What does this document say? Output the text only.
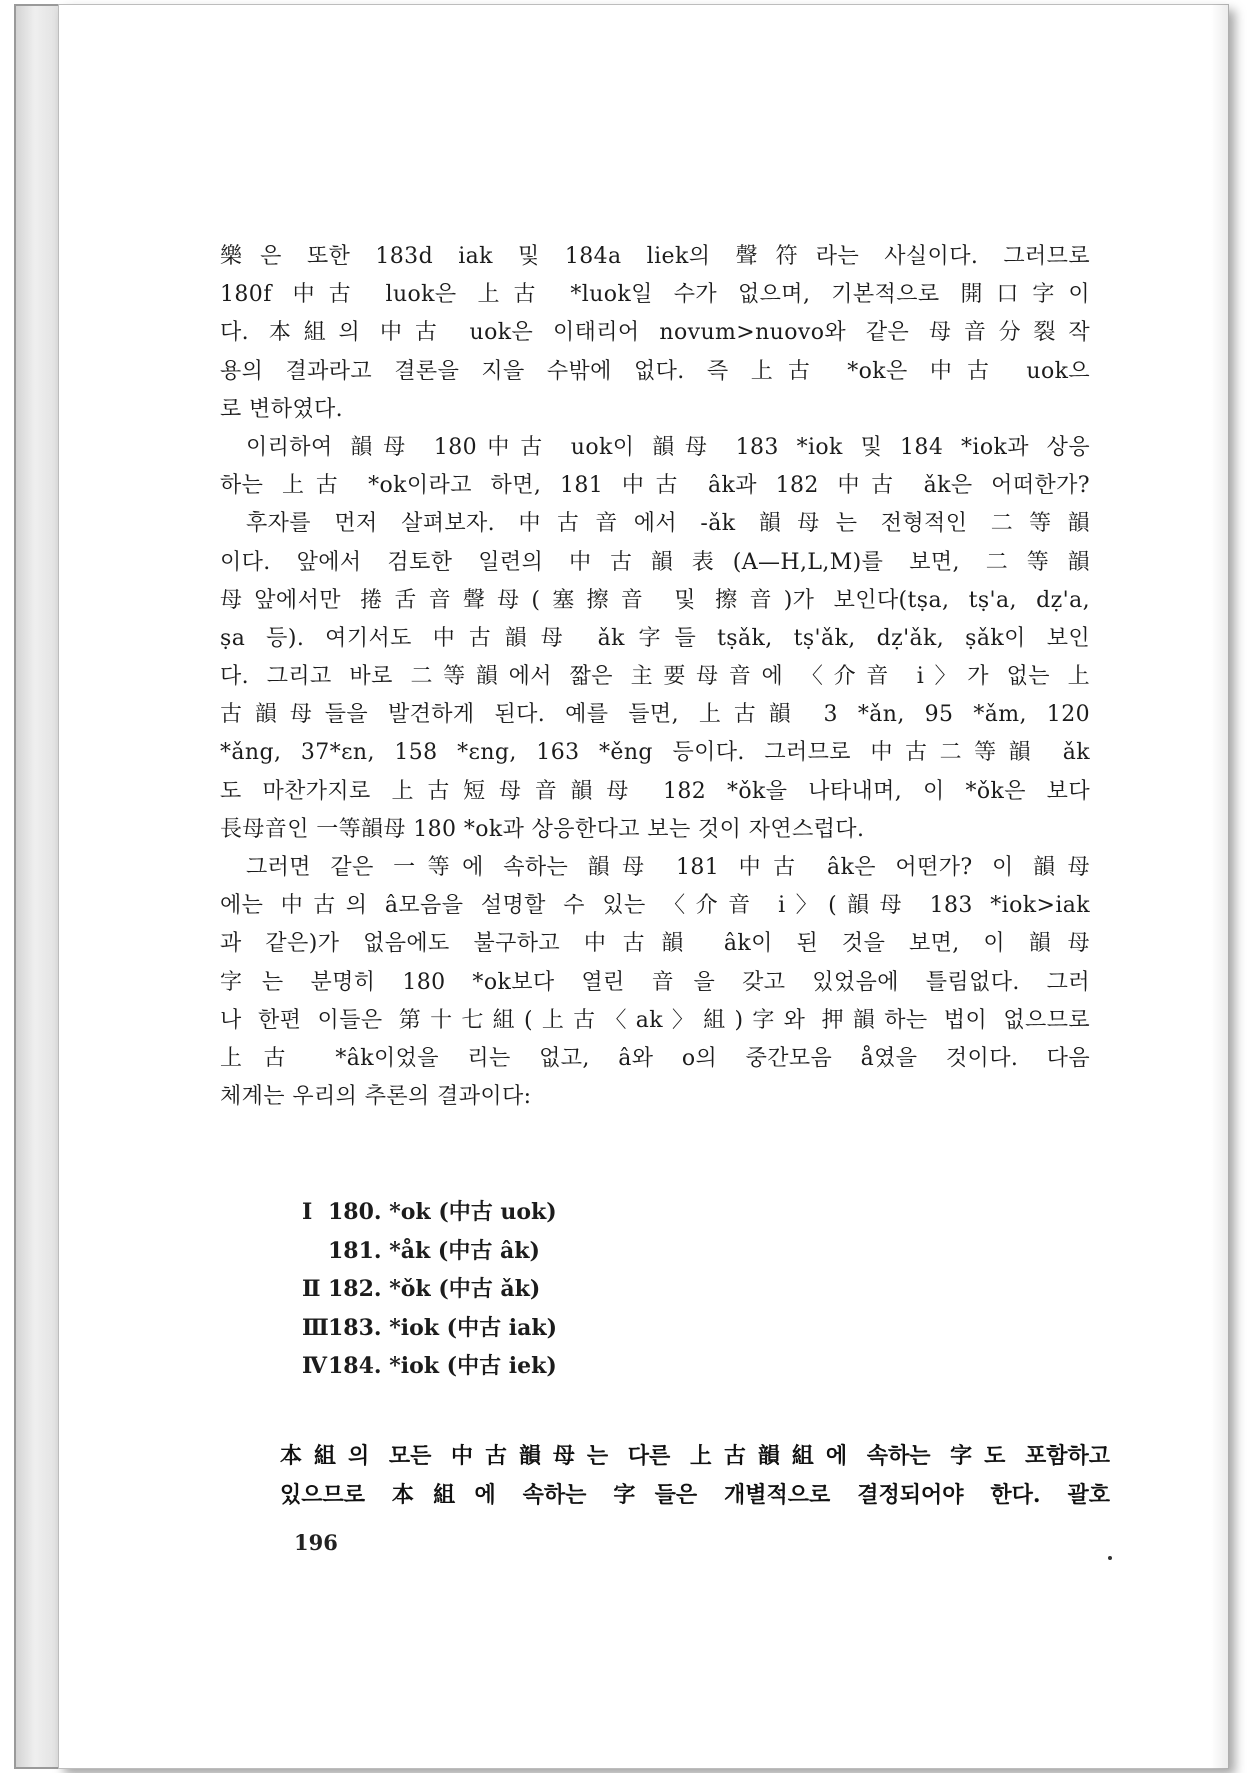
樂은 또한 183d iak 및 184a liek의 聲符라는 사실이다. 그러므로
180f 中古 luok은 上古 *luok일 수가 없으며, 기본적으로 開口字이
다. 本組의 中古 uok은 이태리어 novum>nuovo와 같은 母音分裂작
용의 결과라고 결론을 지을 수밖에 없다. 즉 上古 *ok은 中古 uok으
로 변하였다.
이리하여 韻母 180中古 uok이 韻母 183 *iok 및 184 *iok과 상응
하는 上古 *ok이라고 하면, 181 中古 âk과 182 中古 ǎk은 어떠한가?
후자를 먼저 살펴보자. 中古音에서 -ǎk 韻母는 전형적인 二等韻
이다. 앞에서 검토한 일련의 中古韻表(A—H,L,M)를 보면, 二等韻
母앞에서만 捲舌音聲母(塞擦音 및 擦音)가 보인다(tṣa, tṣ'a, dẓ'a,
ṣa 등). 여기서도 中古韻母 ǎk字들 tṣǎk, tṣ'ǎk, dẓ'ǎk, ṣǎk이 보인
다. 그리고 바로 二等韻에서 짧은 主要母音에 〈介音 i〉가 없는 上
古韻母들을 발견하게 된다. 예를 들면, 上古韻 3 *ǎn, 95 *ǎm, 120
*ǎng, 37*ɛn, 158 *ɛng, 163 *ěng 등이다. 그러므로 中古二等韻 ǎk
도 마찬가지로 上古短母音韻母 182 *ǒk을 나타내며, 이 *ǒk은 보다
長母音인 一等韻母 180 *ok과 상응한다고 보는 것이 자연스럽다.
그러면 같은 一等에 속하는 韻母 181 中古 âk은 어떤가? 이 韻母
에는 中古의 â모음을 설명할 수 있는 〈介音 i〉(韻母 183 *iok>iak
과 같은)가 없음에도 불구하고 中古韻 âk이 된 것을 보면, 이 韻母
字는 분명히 180 *ok보다 열린 音을 갖고 있었음에 틀림없다. 그러
나 한편 이들은 第十七組(上古〈ak〉組)字와 押韻하는 법이 없으므로
上古 *âk이었을 리는 없고, â와 o의 중간모음 å였을 것이다. 다음
체계는 우리의 추론의 결과이다:
Ⅰ 180. *ok (中古 uok)
181. *åk (中古 âk)
Ⅱ 182. *ǒk (中古 ǎk)
Ⅲ 183. *iok (中古 iak)
Ⅳ 184. *iok (中古 iek)
本組의 모든 中古韻母는 다른 上古韻組에 속하는 字도 포함하고
있으므로 本組에 속하는 字들은 개별적으로 결정되어야 한다. 괄호
196
